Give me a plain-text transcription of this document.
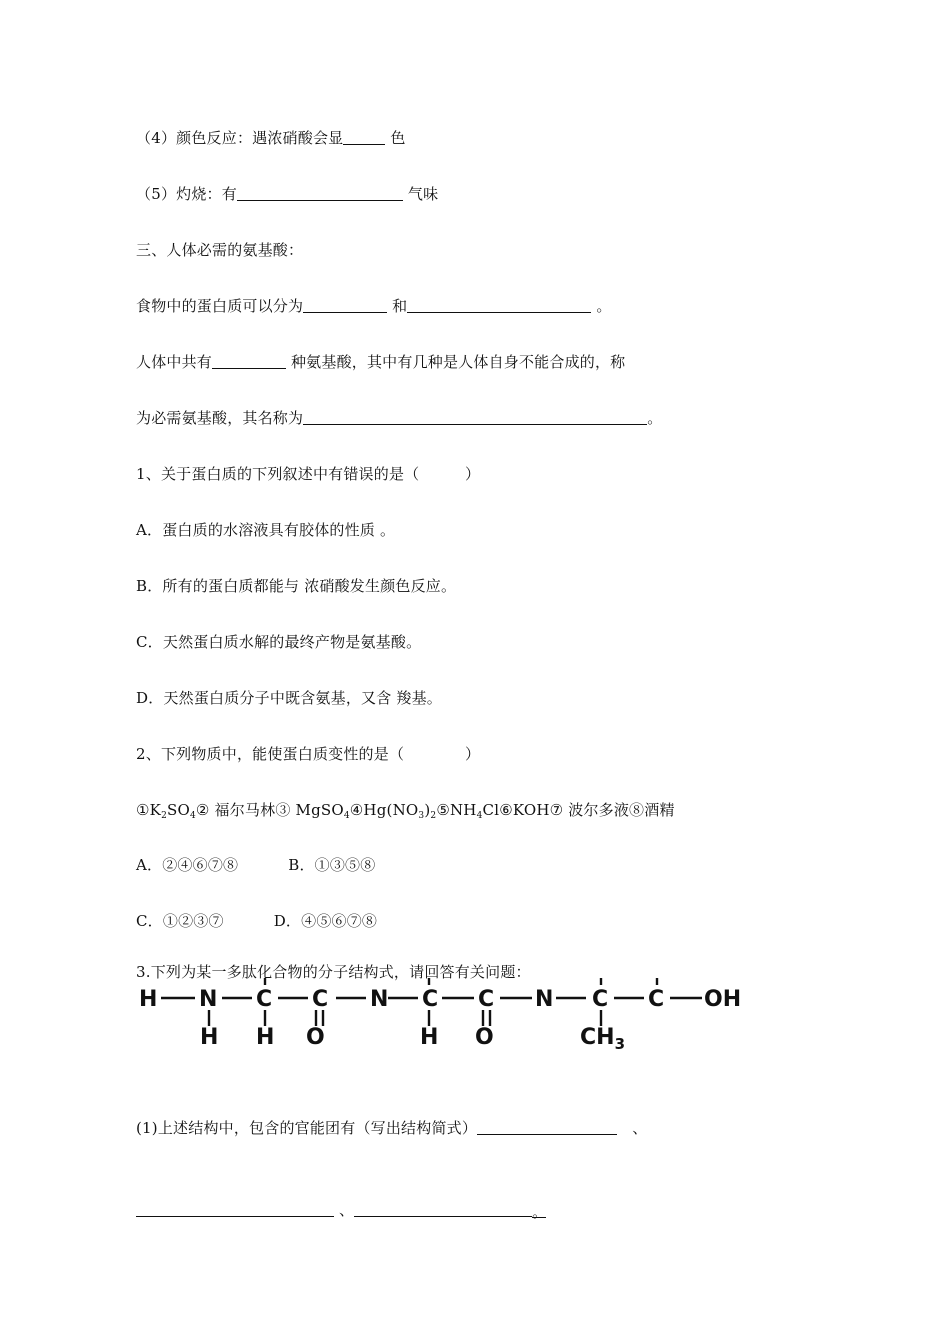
（4）颜色反应：遇浓硝酸会显	色
（5）灼烧：有	气味
三、人体必需的氨基酸：
食物中的蛋白质可以分为	和	。
人体中共有	种氨基酸，其中有几种是人体自身不能合成的，称
为必需氨基酸，其名称为	。
1、关于蛋白质的下列叙述中有错误的是（　　　）
A．蛋白质的水溶液具有胶体的性质 。
B．所有的蛋白质都能与 浓硝酸发生颜色反应。
C．天然蛋白质水解的最终产物是氨基酸。
D．天然蛋白质分子中既含氨基，又含 羧基。
2、下列物质中，能使蛋白质变性的是（　　　　）
$①K_2SO_4②$ 福尔马林③ $MgSO_4④Hg(NO_3)_2⑤NH_4Cl⑥KOH⑦$ 波尔多液⑧酒精
A．②④⑥⑦⑧	B．①③⑤⑧
C．①②③⑦	D．④⑤⑥⑦⑧
3.下列为某一多肽化合物的分子结构式，请回答有关问题：
H N C C N C C N C C OH
H H O	H O	$CH_3$
(1)上述结构中，包含的官能团有（写出结构简式）	　、
、	。
